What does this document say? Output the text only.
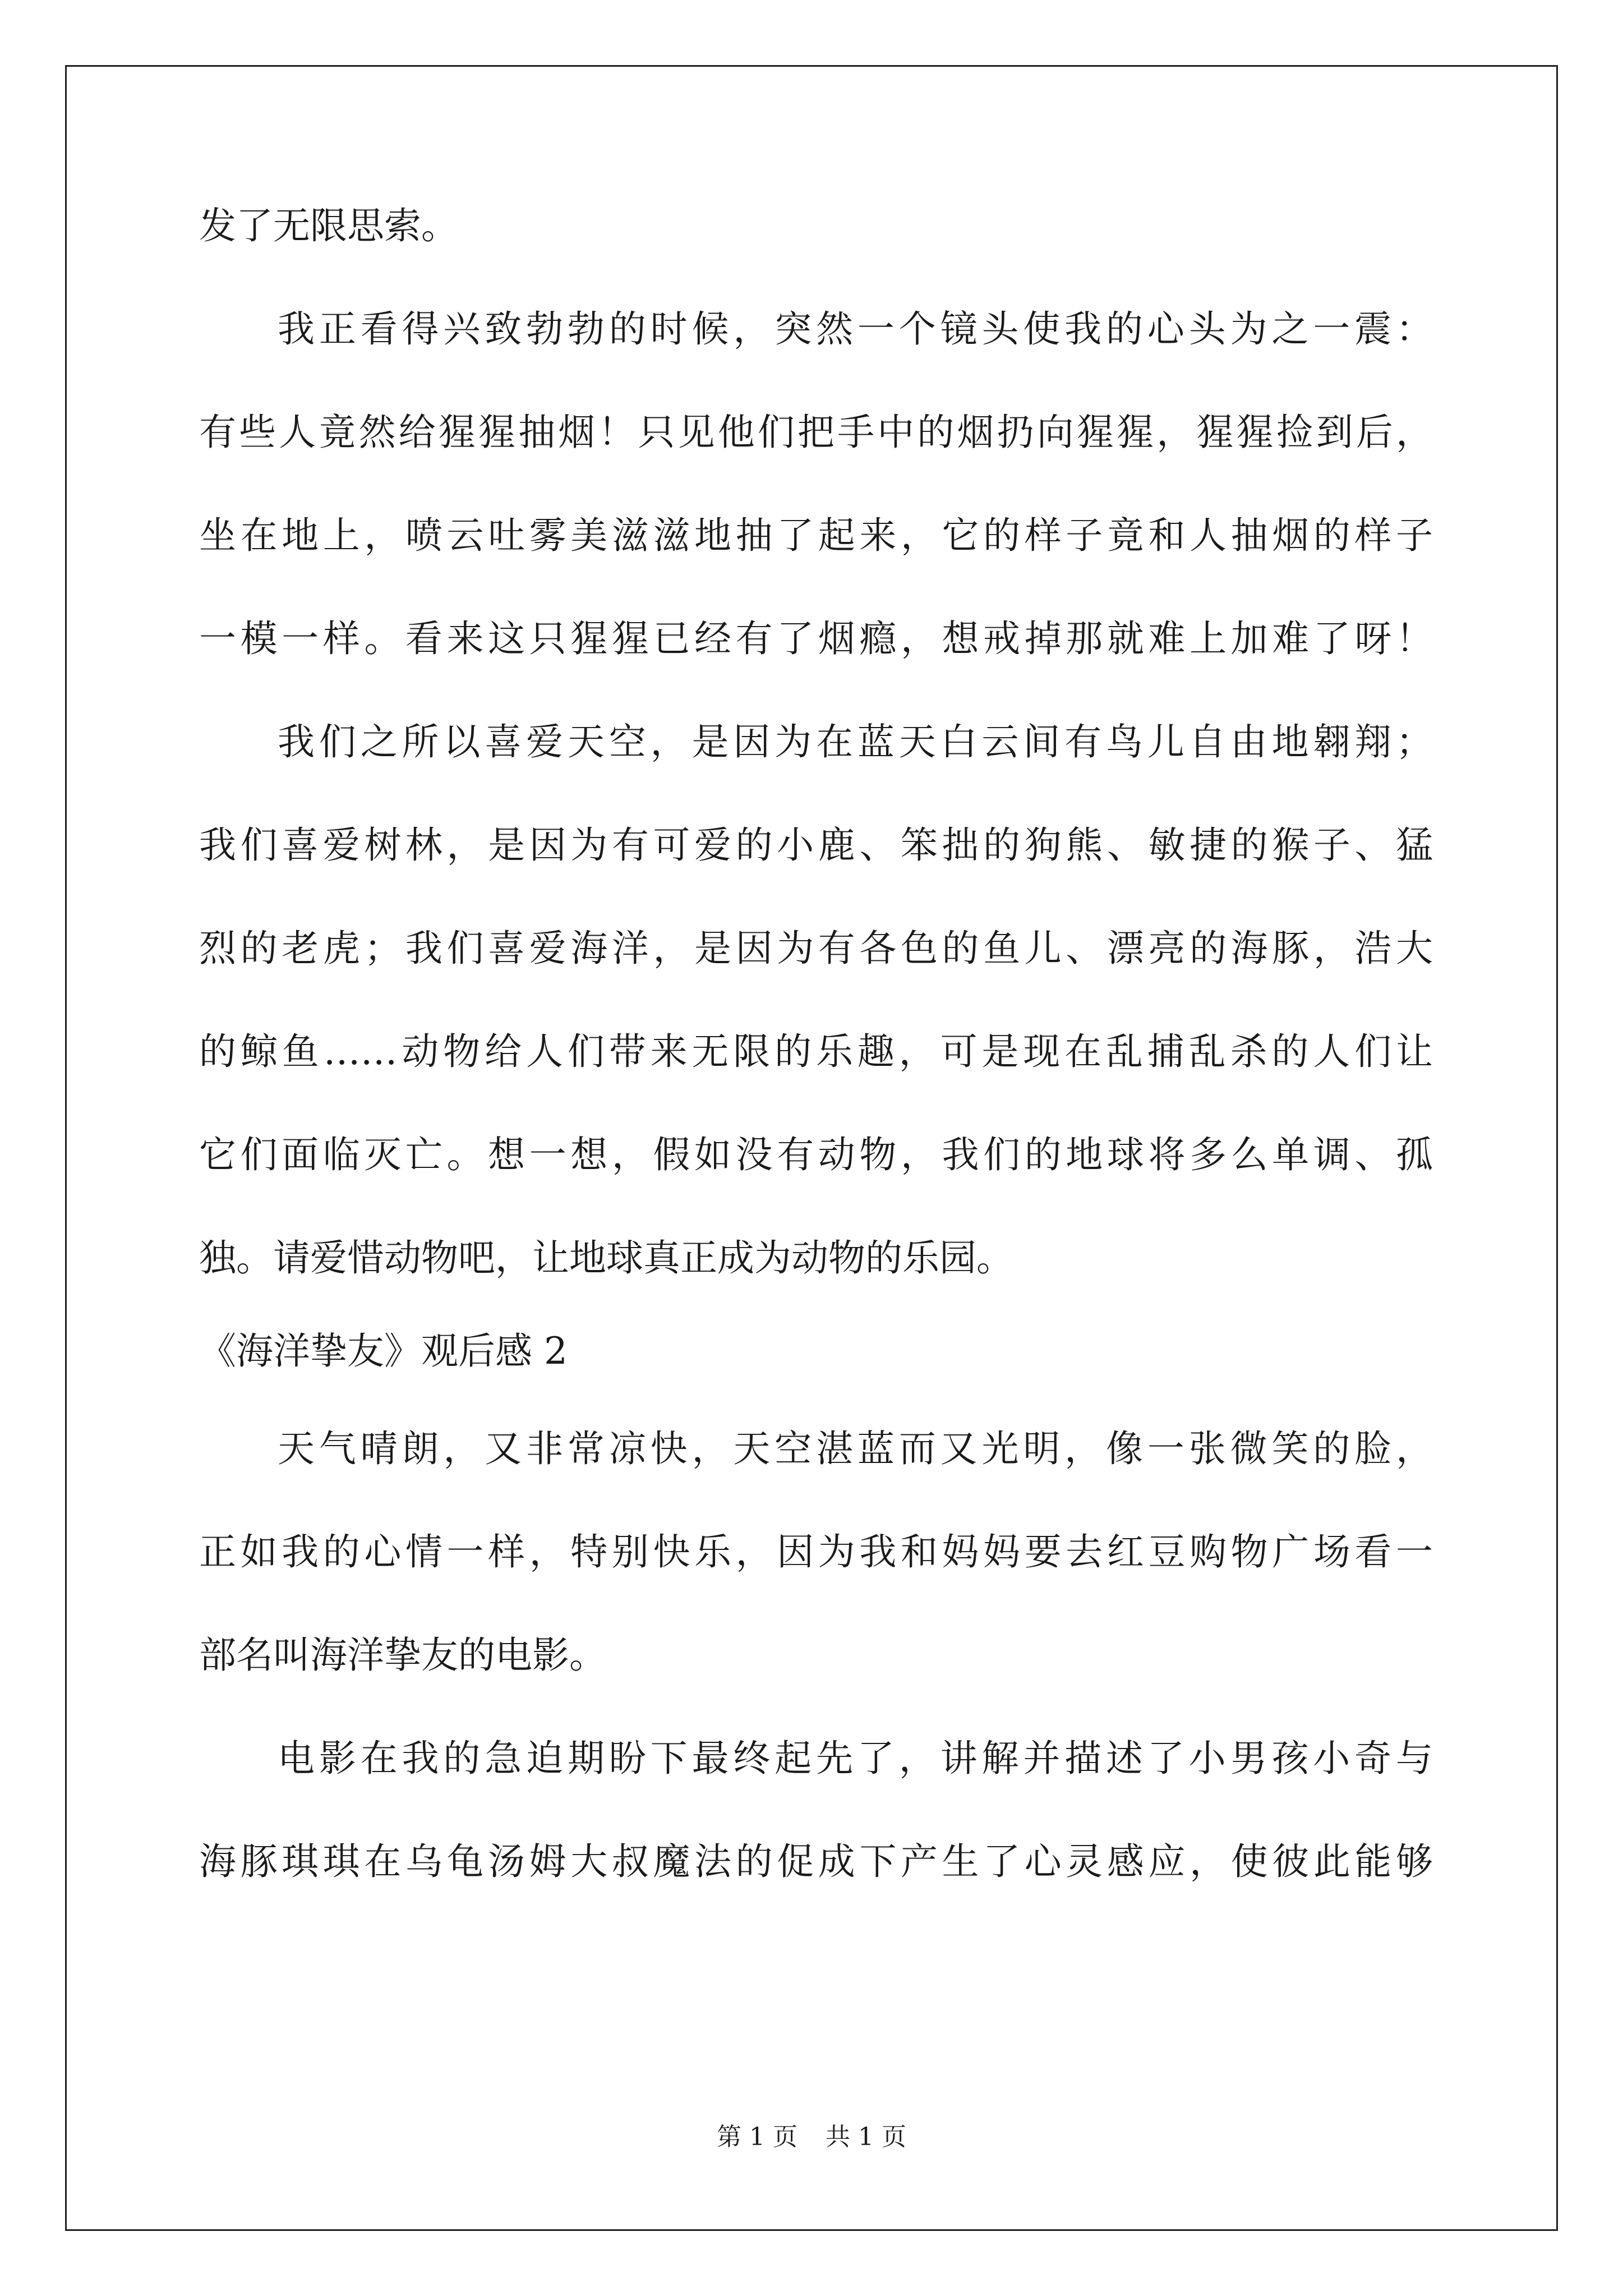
发了无限思索。
我正看得兴致勃勃的时候，突然一个镜头使我的心头为之一震：
有些人竟然给猩猩抽烟！只见他们把手中的烟扔向猩猩，猩猩捡到后，
坐在地上，喷云吐雾美滋滋地抽了起来，它的样子竟和人抽烟的样子
一模一样。看来这只猩猩已经有了烟瘾，想戒掉那就难上加难了呀！
我们之所以喜爱天空，是因为在蓝天白云间有鸟儿自由地翱翔；
我们喜爱树林，是因为有可爱的小鹿、笨拙的狗熊、敏捷的猴子、猛
烈的老虎；我们喜爱海洋，是因为有各色的鱼儿、漂亮的海豚，浩大
的鲸鱼……动物给人们带来无限的乐趣，可是现在乱捕乱杀的人们让
它们面临灭亡。想一想，假如没有动物，我们的地球将多么单调、孤
独。请爱惜动物吧，让地球真正成为动物的乐园。
《海洋挚友》观后感 2
天气晴朗，又非常凉快，天空湛蓝而又光明，像一张微笑的脸，
正如我的心情一样，特别快乐，因为我和妈妈要去红豆购物广场看一
部名叫海洋挚友的电影。
电影在我的急迫期盼下最终起先了，讲解并描述了小男孩小奇与
海豚琪琪在乌龟汤姆大叔魔法的促成下产生了心灵感应，使彼此能够
第 1 页 共 1 页
